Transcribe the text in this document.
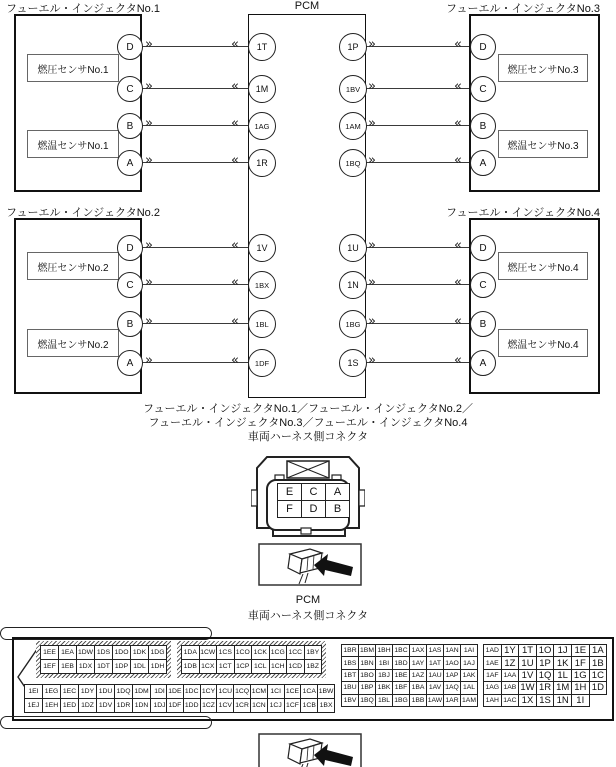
»	«
»	«
»	«
»	«
フューエル・インジェクタNo.1
燃圧センサNo.1
燃温センサNo.1
D
C
B
A
»	«
»	«
»	«
»	«
フューエル・インジェクタNo.3
燃圧センサNo.3
燃温センサNo.3
D
C
B
A
»	«
»	«
»	«
»	«
フューエル・インジェクタNo.2
燃圧センサNo.2
燃温センサNo.2
D
C
B
A
»	«
»	«
»	«
»	«
フューエル・インジェクタNo.4
燃圧センサNo.4
燃温センサNo.4
D
C
B
A
PCM
1T
1M
1AG
1R
1P
1BV
1AM
1BQ
1V
1BX
1BL
1DF
1U
1N
1BG
1S
フューエル・インジェクタNo.1／フューエル・インジェクタNo.2／
フューエル・インジェクタNo.3／フューエル・インジェクタNo.4
車両ハーネス側コネクタ
E	C	A
F	D	B
PCM
車両ハーネス側コネクタ
1EE	1EA	1DW	1DS	1DO	1DK	1DG
1EF	1EB	1DX	1DT	1DP	1DL	1DH
1DA	1CW	1CS	1CO	1CK	1CG	1CC	1BY
1DB	1CX	1CT	1CP	1CL	1CH	1CD	1BZ
1EI	1EG	1EC	1DY	1DU	1DQ	1DM	1DI
1EJ	1EH	1ED	1DZ	1DV	1DR	1DN	1DJ
1DE	1DC	1CY	1CU	1CQ	1CM	1CI	1CE	1CA	1BW
1DF	1DD	1CZ	1CV	1CR	1CN	1CJ	1CF	1CB	1BX
1BR	1BM	1BH	1BC	1AX	1AS	1AN	1AI
1BS	1BN	1BI	1BD	1AY	1AT	1AO	1AJ
1BT	1BO	1BJ	1BE	1AZ	1AU	1AP	1AK
1BU	1BP	1BK	1BF	1BA	1AV	1AQ	1AL
1BV	1BQ	1BL	1BG	1BB	1AW	1AR	1AM
1AD	1Y	1T	1O	1J	1E	1A
1AE	1Z	1U	1P	1K	1F	1B
1AF	1AA	1V	1Q	1L	1G	1C
1AG	1AB	1W	1R	1M	1H	1D
1AH	1AC	1X	1S	1N	1I	
